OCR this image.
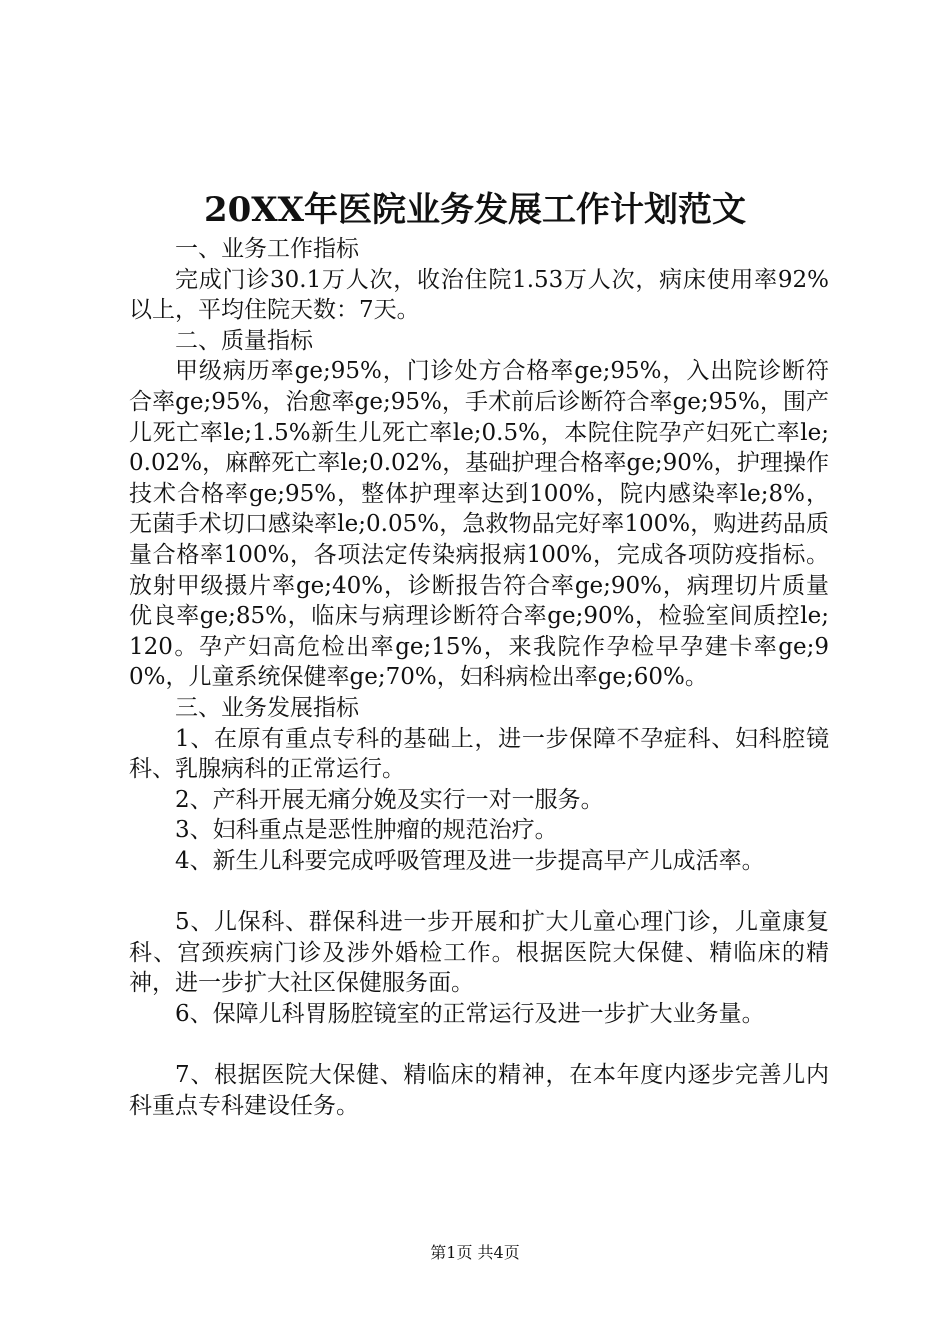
20XX年医院业务发展工作计划范文

一、业务工作指标

完成门诊30.1万人次，收治住院1.53万人次，病床使用率92%以上，平均住院天数：7天。

二、质量指标

甲级病历率ge;95%，门诊处方合格率ge;95%，入出院诊断符合率ge;95%，治愈率ge;95%，手术前后诊断符合率ge;95%，围产儿死亡率le;1.5%新生儿死亡率le;0.5%，本院住院孕产妇死亡率le;0.02%，麻醉死亡率le;0.02%，基础护理合格率ge;90%，护理操作技术合格率ge;95%，整体护理率达到100%，院内感染率le;8%，无菌手术切口感染率le;0.05%，急救物品完好率100%，购进药品质量合格率100%，各项法定传染病报病100%，完成各项防疫指标。放射甲级摄片率ge;40%，诊断报告符合率ge;90%，病理切片质量优良率ge;85%，临床与病理诊断符合率ge;90%，检验室间质控le;120。孕产妇高危检出率ge;15%，来我院作孕检早孕建卡率ge;90%，儿童系统保健率ge;70%，妇科病检出率ge;60%。

三、业务发展指标

1、在原有重点专科的基础上，进一步保障不孕症科、妇科腔镜科、乳腺病科的正常运行。

2、产科开展无痛分娩及实行一对一服务。

3、妇科重点是恶性肿瘤的规范治疗。

4、新生儿科要完成呼吸管理及进一步提高早产儿成活率。

5、儿保科、群保科进一步开展和扩大儿童心理门诊，儿童康复科、宫颈疾病门诊及涉外婚检工作。根据医院大保健、精临床的精神，进一步扩大社区保健服务面。

6、保障儿科胃肠腔镜室的正常运行及进一步扩大业务量。

7、根据医院大保健、精临床的精神，在本年度内逐步完善儿内科重点专科建设任务。

第1页 共4页
